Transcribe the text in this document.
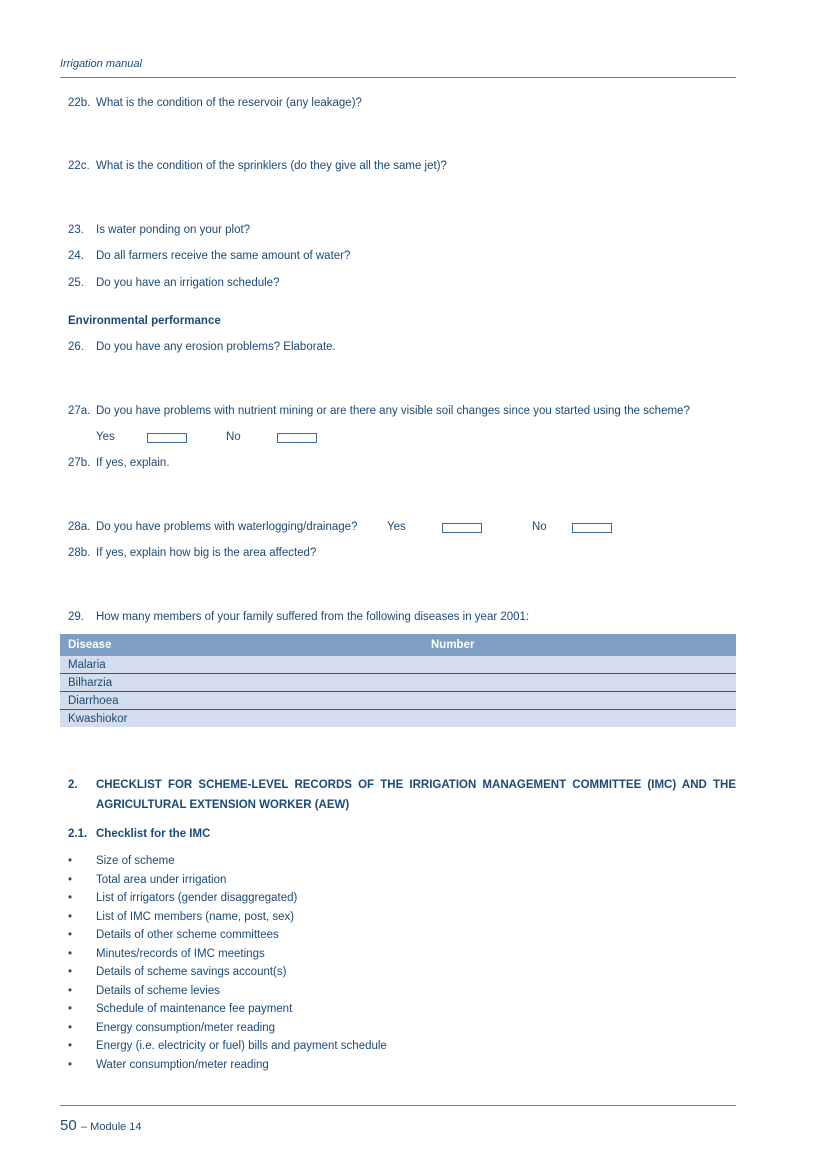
Irrigation manual
22b. What is the condition of the reservoir (any leakage)?
22c. What is the condition of the sprinklers (do they give all the same jet)?
23. Is water ponding on your plot?
24. Do all farmers receive the same amount of water?
25. Do you have an irrigation schedule?
Environmental performance
26. Do you have any erosion problems? Elaborate.
27a. Do you have problems with nutrient mining or are there any visible soil changes since you started using the scheme?
Yes	No
27b. If yes, explain.
28a. Do you have problems with waterlogging/drainage?	Yes	No
28b. If yes, explain how big is the area affected?
29. How many members of your family suffered from the following diseases in year 2001:
Disease	Number
Malaria	
Bilharzia	
Diarrhoea	
Kwashiokor	
2. CHECKLIST FOR SCHEME-LEVEL RECORDS OF THE IRRIGATION MANAGEMENT COMMITTEE (IMC) AND THE AGRICULTURAL EXTENSION WORKER (AEW)
2.1. Checklist for the IMC
• Size of scheme
• Total area under irrigation
• List of irrigators (gender disaggregated)
• List of IMC members (name, post, sex)
• Details of other scheme committees
• Minutes/records of IMC meetings
• Details of scheme savings account(s)
• Details of scheme levies
• Schedule of maintenance fee payment
• Energy consumption/meter reading
• Energy (i.e. electricity or fuel) bills and payment schedule
• Water consumption/meter reading
50 – Module 14
